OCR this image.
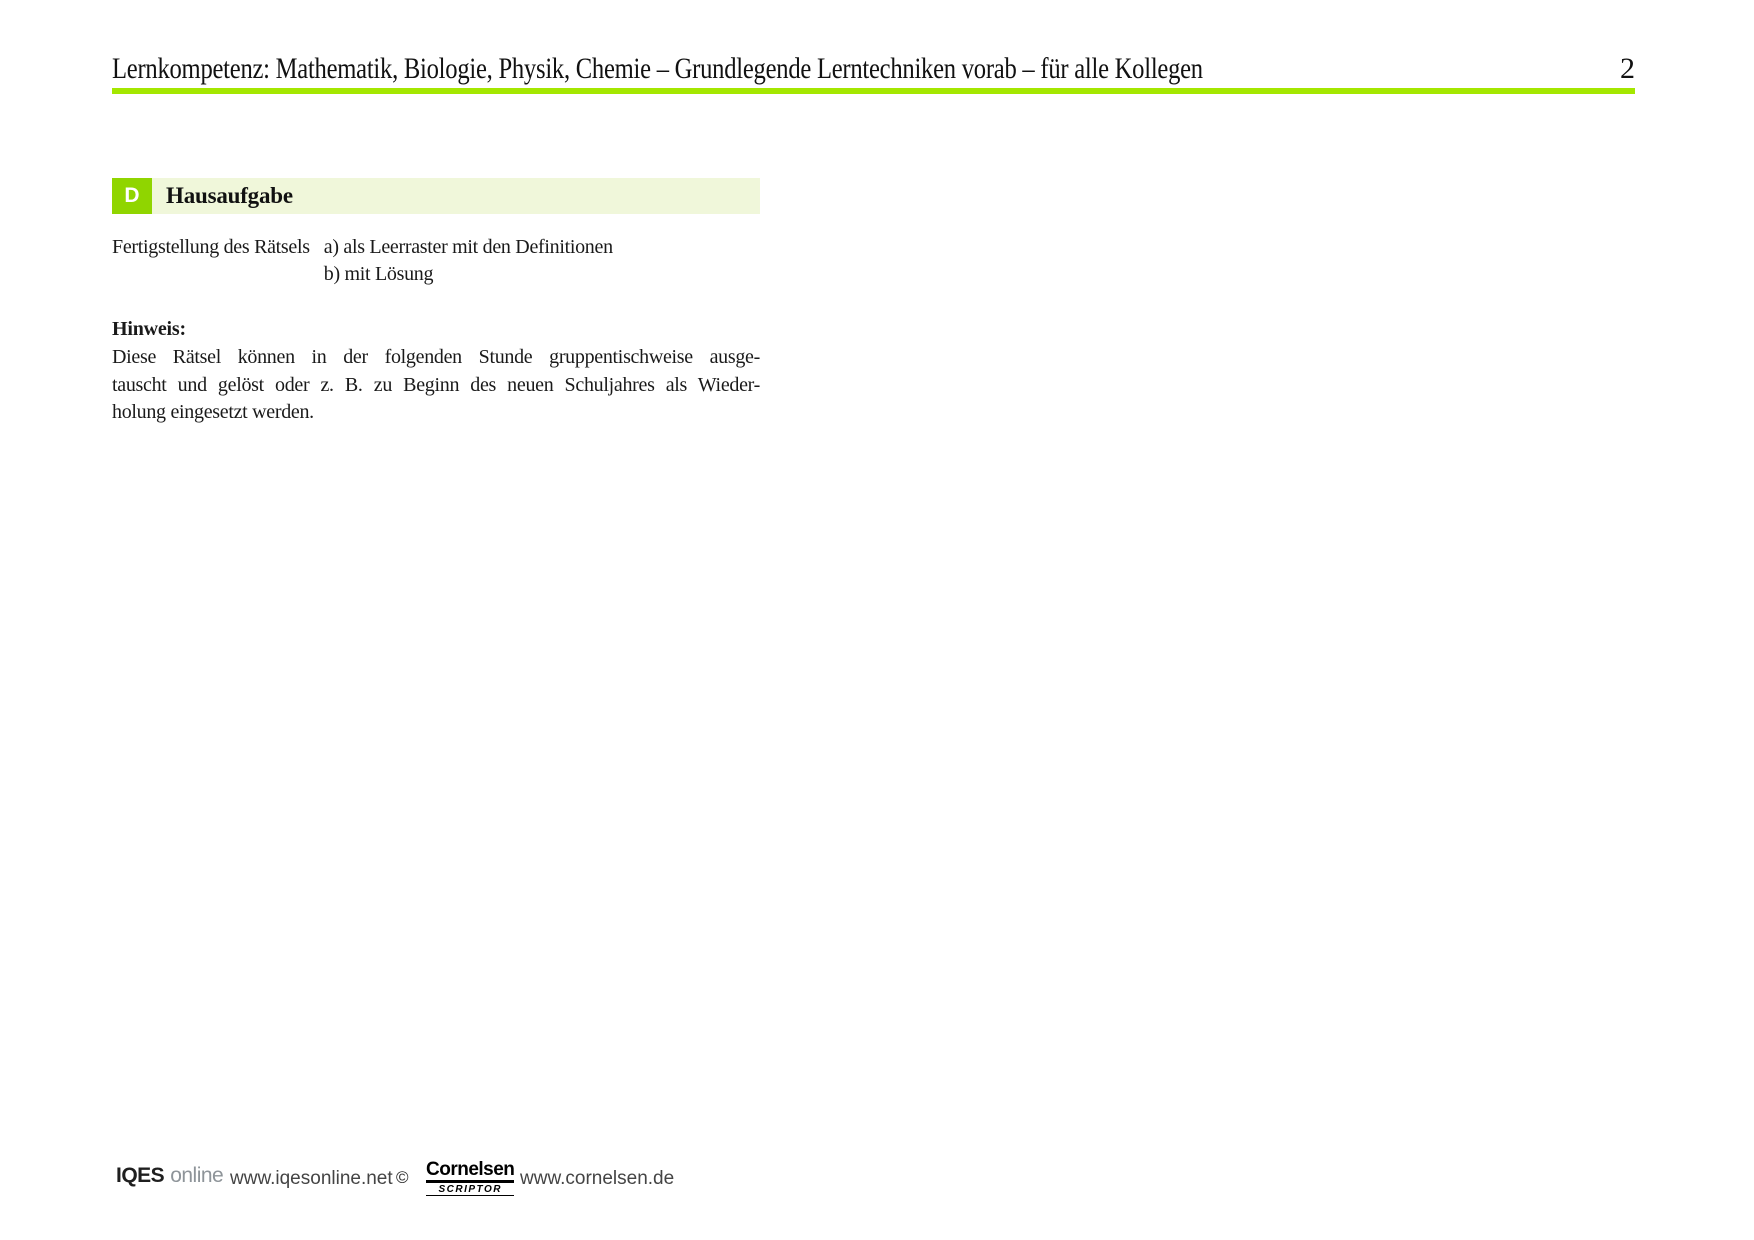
Lernkompetenz: Mathematik, Biologie, Physik, Chemie – Grundlegende Lerntechniken vorab – für alle Kollegen	2
D	Hausaufgabe
Fertigstellung des Rätsels a) als Leerraster mit den Definitionen
b) mit Lösung
Hinweis:
Diese Rätsel können in der folgenden Stunde gruppentischweise ausge-
tauscht und gelöst oder z. B. zu Beginn des neuen Schuljahres als Wieder-
holung eingesetzt werden.
IQES online www.iqesonline.net © Cornelsen
SCRIPTOR
www.cornelsen.de
